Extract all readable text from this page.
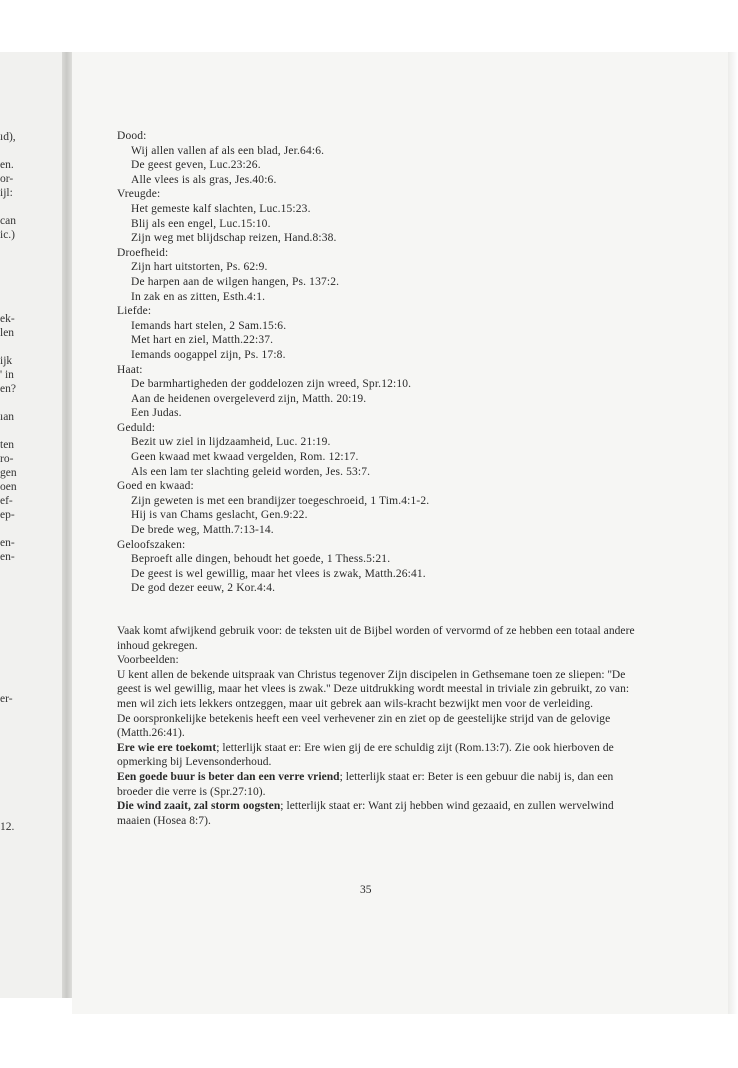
ıd),
en.
or-
ijl:
can
ic.)
ek-
len
ijk
' in
en?
ıan
ten
ro-
gen
oen
ef-
ep-
en-
en-
er-
12.
Dood:
Wij allen vallen af als een blad, Jer.64:6.
De geest geven, Luc.23:26.
Alle vlees is als gras, Jes.40:6.
Vreugde:
Het gemeste kalf slachten, Luc.15:23.
Blij als een engel, Luc.15:10.
Zijn weg met blijdschap reizen, Hand.8:38.
Droefheid:
Zijn hart uitstorten, Ps. 62:9.
De harpen aan de wilgen hangen, Ps. 137:2.
In zak en as zitten, Esth.4:1.
Liefde:
Iemands hart stelen, 2 Sam.15:6.
Met hart en ziel, Matth.22:37.
Iemands oogappel zijn, Ps. 17:8.
Haat:
De barmhartigheden der goddelozen zijn wreed, Spr.12:10.
Aan de heidenen overgeleverd zijn, Matth. 20:19.
Een Judas.
Geduld:
Bezit uw ziel in lijdzaamheid, Luc. 21:19.
Geen kwaad met kwaad vergelden, Rom. 12:17.
Als een lam ter slachting geleid worden, Jes. 53:7.
Goed en kwaad:
Zijn geweten is met een brandijzer toegeschroeid, 1 Tim.4:1-2.
Hij is van Chams geslacht, Gen.9:22.
De brede weg, Matth.7:13-14.
Geloofszaken:
Beproeft alle dingen, behoudt het goede, 1 Thess.5:21.
De geest is wel gewillig, maar het vlees is zwak, Matth.26:41.
De god dezer eeuw, 2 Kor.4:4.

Vaak komt afwijkend gebruik voor: de teksten uit de Bijbel worden of vervormd of ze hebben een totaal andere inhoud gekregen.

Voorbeelden:

U kent allen de bekende uitspraak van Christus tegenover Zijn discipelen in Gethsemane toen ze sliepen: ''De geest is wel gewillig, maar het vlees is zwak.'' Deze uitdrukking wordt meestal in triviale zin gebruikt, zo van: men wil zich iets lekkers ontzeggen, maar uit gebrek aan wils-kracht bezwijkt men voor de verleiding.

De oorspronkelijke betekenis heeft een veel verhevener zin en ziet op de geestelijke strijd van de gelovige (Matth.26:41).

Ere wie ere toekomt; letterlijk staat er: Ere wien gij de ere schuldig zijt (Rom.13:7). Zie ook hierboven de opmerking bij Levensonderhoud.

Een goede buur is beter dan een verre vriend; letterlijk staat er: Beter is een gebuur die nabij is, dan een broeder die verre is (Spr.27:10).

Die wind zaait, zal storm oogsten; letterlijk staat er: Want zij hebben wind gezaaid, en zullen wervelwind maaien (Hosea 8:7).

35
